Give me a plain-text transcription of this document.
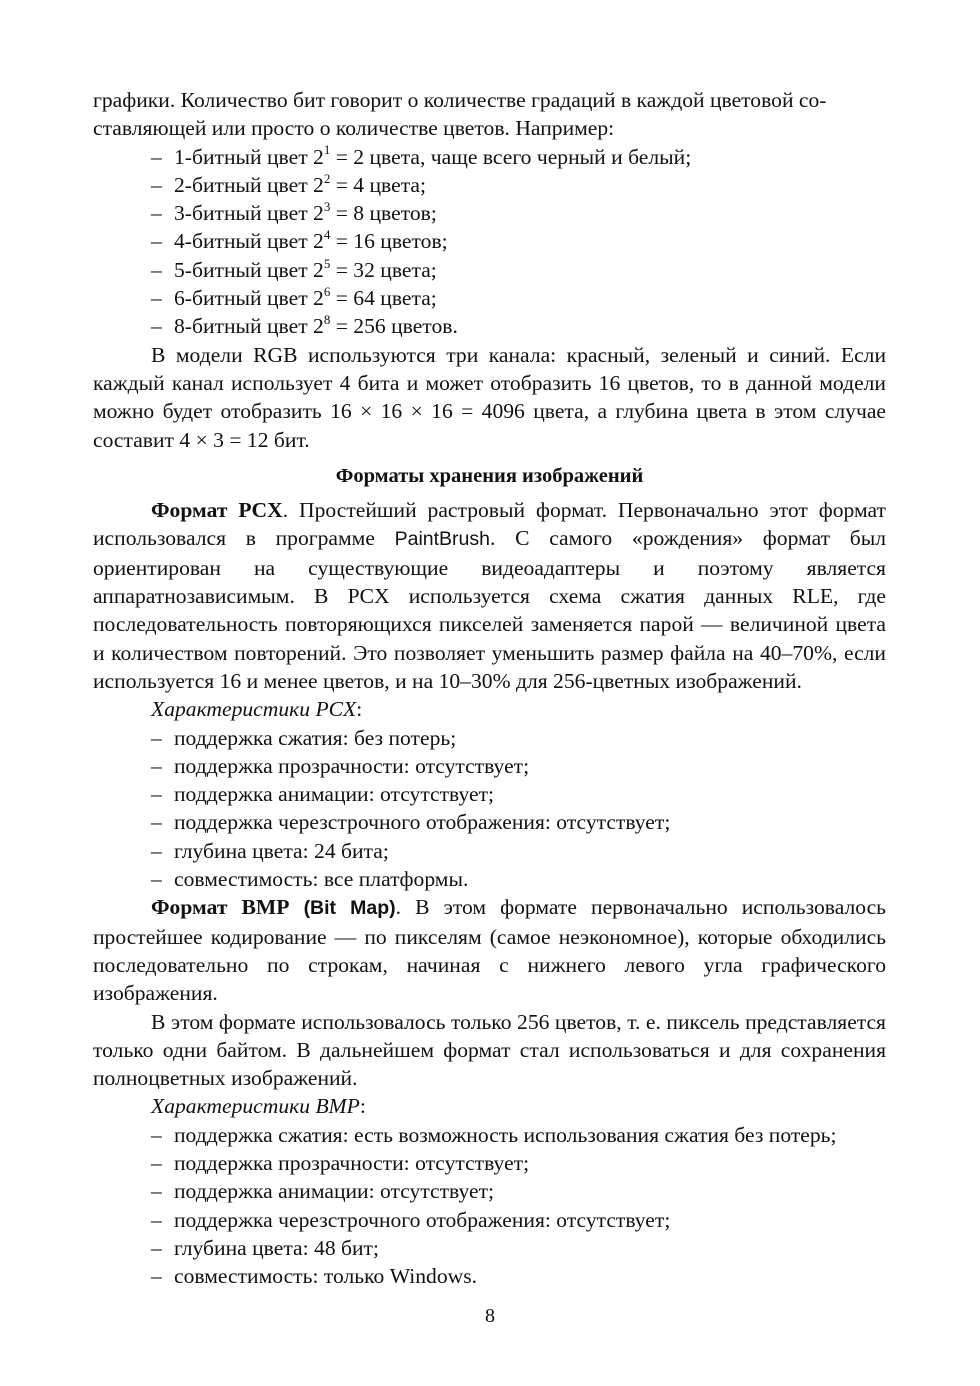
графики. Количество бит говорит о количестве градаций в каждой цветовой со-
ставляющей или просто о количестве цветов. Например:

– 1-битный цвет $2^1 = 2$ цвета, чаще всего черный и белый;
– 2-битный цвет $2^2 = 4$ цвета;
– 3-битный цвет $2^3 = 8$ цветов;
– 4-битный цвет $2^4 = 16$ цветов;
– 5-битный цвет $2^5 = 32$ цвета;
– 6-битный цвет $2^6 = 64$ цвета;
– 8-битный цвет $2^8 = 256$ цветов.

В модели RGB используются три канала: красный, зеленый и синий. Если каждый канал использует 4 бита и может отобразить 16 цветов, то в данной модели можно будет отобразить 16 × 16 × 16 = 4096 цвета, а глубина цвета в этом случае составит 4 × 3 = 12 бит.

Форматы хранения изображений

Формат PCX. Простейший растровый формат. Первоначально этот формат использовался в программе PaintBrush. С самого «рождения» формат был ориентирован на существующие видеоадаптеры и поэтому является аппаратнозависимым. В PCX используется схема сжатия данных RLE, где последовательность повторяющихся пикселей заменяется парой — величиной цвета и количеством повторений. Это позволяет уменьшить размер файла на 40–70%, если используется 16 и менее цветов, и на 10–30% для 256-цветных изображений.

Характеристики PCX:

– поддержка сжатия: без потерь;
– поддержка прозрачности: отсутствует;
– поддержка анимации: отсутствует;
– поддержка черезстрочного отображения: отсутствует;
– глубина цвета: 24 бита;
– совместимость: все платформы.

Формат BMP (Bit Map). В этом формате первоначально использовалось простейшее кодирование — по пикселям (самое неэкономное), которые обходились последовательно по строкам, начиная с нижнего левого угла графического изображения.

В этом формате использовалось только 256 цветов, т. е. пиксель представляется только одни байтом. В дальнейшем формат стал использоваться и для сохранения полноцветных изображений.

Характеристики BMP:

– поддержка сжатия: есть возможность использования сжатия без потерь;
– поддержка прозрачности: отсутствует;
– поддержка анимации: отсутствует;
– поддержка черезстрочного отображения: отсутствует;
– глубина цвета: 48 бит;
– совместимость: только Windows.
8
